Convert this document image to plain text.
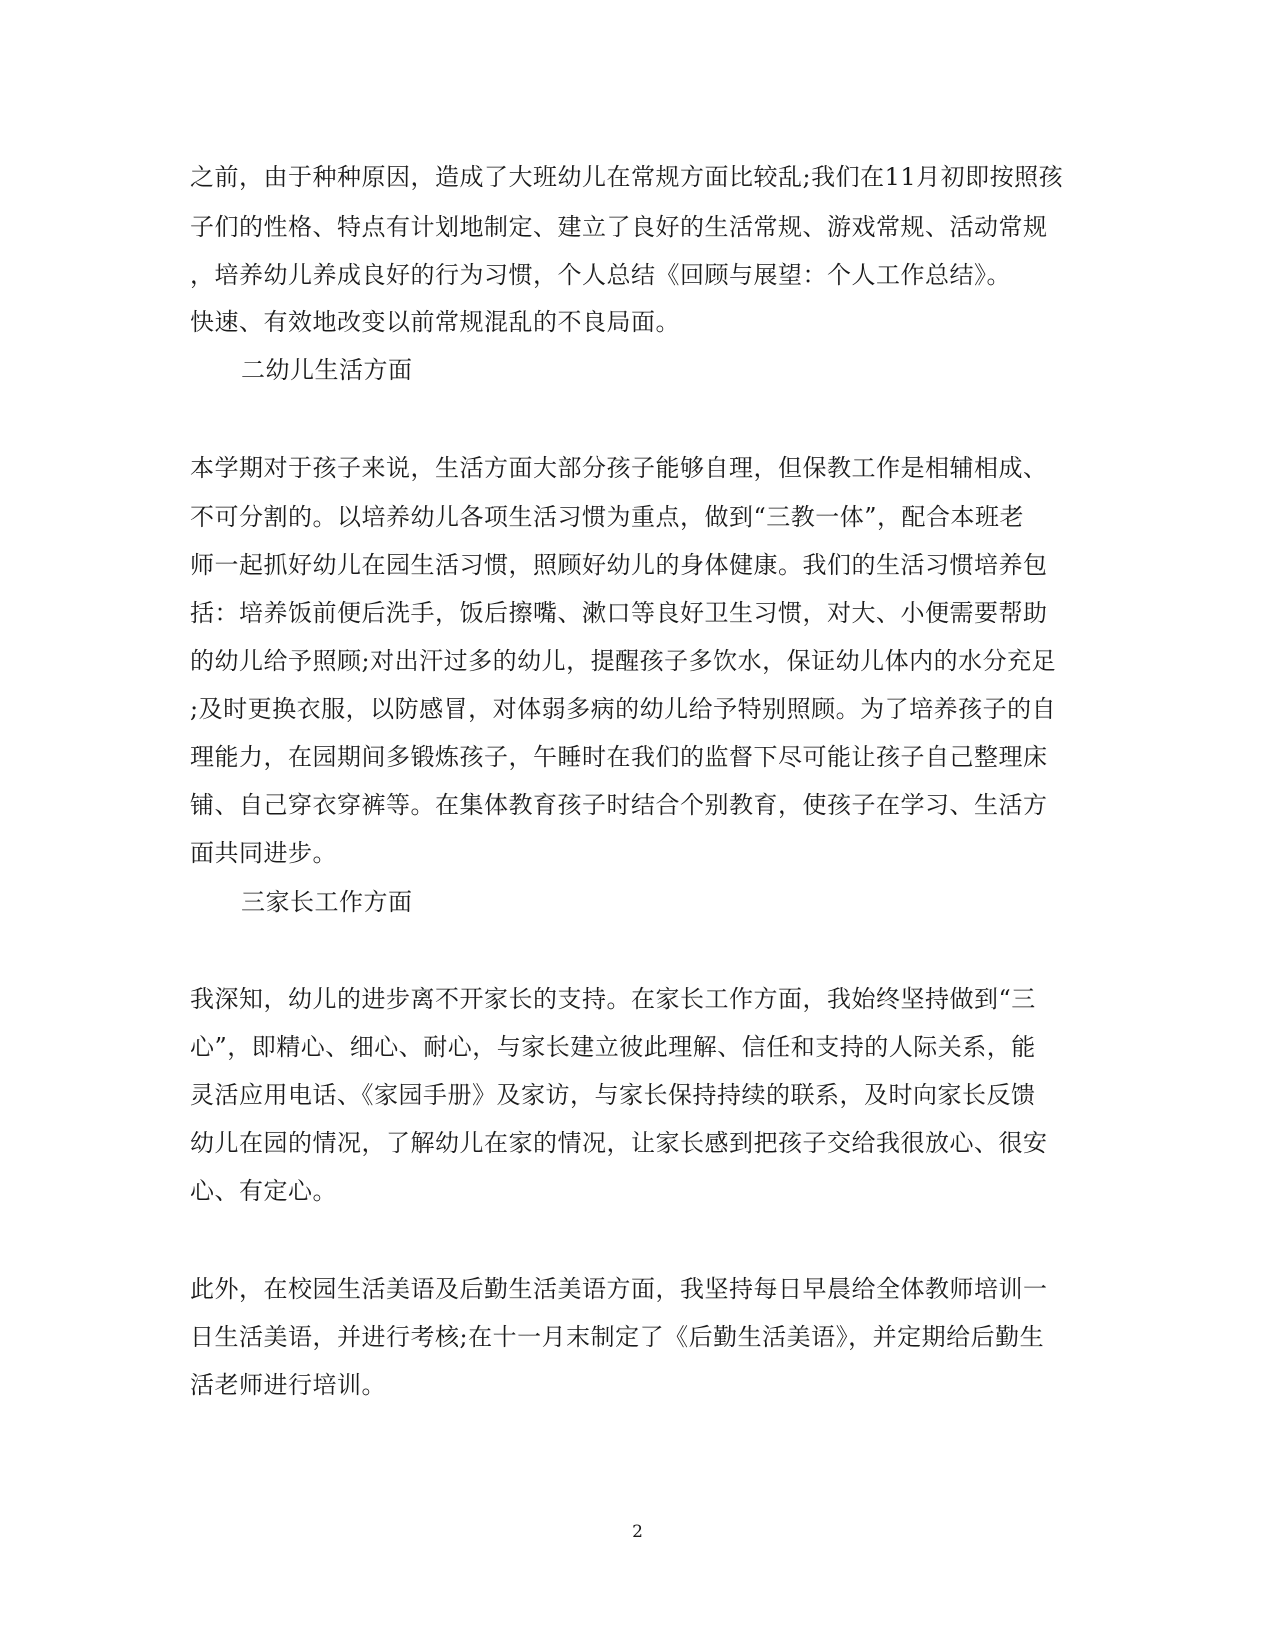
之前，由于种种原因，造成了大班幼儿在常规方面比较乱;我们在11月初即按照孩
子们的性格、特点有计划地制定、建立了良好的生活常规、游戏常规、活动常规
，培养幼儿养成良好的行为习惯，个人总结《回顾与展望：个人工作总结》。
快速、有效地改变以前常规混乱的不良局面。
二幼儿生活方面
本学期对于孩子来说，生活方面大部分孩子能够自理，但保教工作是相辅相成、
不可分割的。以培养幼儿各项生活习惯为重点，做到“三教一体”，配合本班老
师一起抓好幼儿在园生活习惯，照顾好幼儿的身体健康。我们的生活习惯培养包
括：培养饭前便后洗手，饭后擦嘴、漱口等良好卫生习惯，对大、小便需要帮助
的幼儿给予照顾;对出汗过多的幼儿，提醒孩子多饮水，保证幼儿体内的水分充足
;及时更换衣服，以防感冒，对体弱多病的幼儿给予特别照顾。为了培养孩子的自
理能力，在园期间多锻炼孩子，午睡时在我们的监督下尽可能让孩子自己整理床
铺、自己穿衣穿裤等。在集体教育孩子时结合个别教育，使孩子在学习、生活方
面共同进步。
三家长工作方面
我深知，幼儿的进步离不开家长的支持。在家长工作方面，我始终坚持做到“三
心”，即精心、细心、耐心，与家长建立彼此理解、信任和支持的人际关系，能
灵活应用电话、《家园手册》及家访，与家长保持持续的联系，及时向家长反馈
幼儿在园的情况，了解幼儿在家的情况，让家长感到把孩子交给我很放心、很安
心、有定心。
此外，在校园生活美语及后勤生活美语方面，我坚持每日早晨给全体教师培训一
日生活美语，并进行考核;在十一月末制定了《后勤生活美语》，并定期给后勤生
活老师进行培训。
2
